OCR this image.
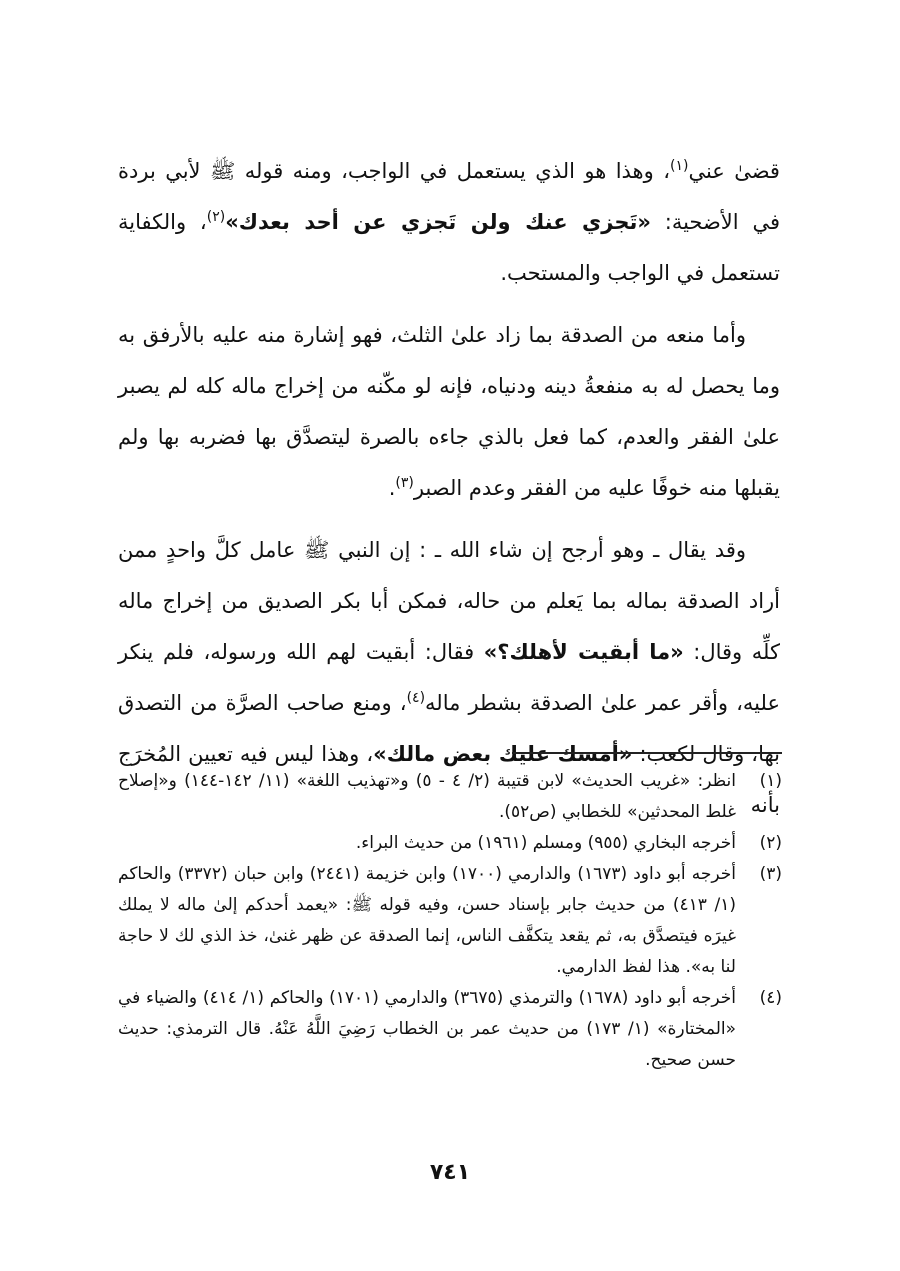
قضىٰ عني$^{(١)}$، وهذا هو الذي يستعمل في الواجب، ومنه قوله ﷺ لأبي بردة في الأضحية: «تَجزي عنك ولن تَجزي عن أحد بعدك»$^{(٢)}$، والكفاية تستعمل في الواجب والمستحب.

وأما منعه من الصدقة بما زاد علىٰ الثلث، فهو إشارة منه عليه بالأرفق به وما يحصل له به منفعةُ دينه ودنياه، فإنه لو مكّنه من إخراج ماله كله لم يصبر علىٰ الفقر والعدم، كما فعل بالذي جاءه بالصرة ليتصدَّق بها فضربه بها ولم يقبلها منه خوفًا عليه من الفقر وعدم الصبر$^{(٣)}$.

وقد يقال ـ وهو أرجح إن شاء الله ـ : إن النبي ﷺ عامل كلَّ واحدٍ ممن أراد الصدقة بماله بما يَعلم من حاله، فمكن أبا بكر الصديق من إخراج ماله كلِّه وقال: «ما أبقيت لأهلك؟» فقال: أبقيت لهم الله ورسوله، فلم ينكر عليه، وأقر عمر علىٰ الصدقة بشطر ماله$^{(٤)}$، ومنع صاحب الصرَّة من التصدق بها، وقال لكعب: «أمسك عليك بعض مالك»، وهذا ليس فيه تعيين المُخرَج بأنه

(١)
انظر: «غريب الحديث» لابن قتيبة (٢/ ٤ - ٥) و«تهذيب اللغة» (١١/ ١٤٢-١٤٤) و«إصلاح غلط المحدثين» للخطابي (ص٥٢).
(٢)
أخرجه البخاري (٩٥٥) ومسلم (١٩٦١) من حديث البراء.
(٣)
أخرجه أبو داود (١٦٧٣) والدارمي (١٧٠٠) وابن خزيمة (٢٤٤١) وابن حبان (٣٣٧٢) والحاكم (١/ ٤١٣) من حديث جابر بإسناد حسن، وفيه قوله ﷺ: «يعمد أحدكم إلىٰ ماله لا يملك غيرَه فيتصدَّق به، ثم يقعد يتكفَّف الناس، إنما الصدقة عن ظهر غنىٰ، خذ الذي لك لا حاجة لنا به». هذا لفظ الدارمي.
(٤)
أخرجه أبو داود (١٦٧٨) والترمذي (٣٦٧٥) والدارمي (١٧٠١) والحاكم (١/ ٤١٤) والضياء في «المختارة» (١/ ١٧٣) من حديث عمر بن الخطاب رَضِيَ اللَّهُ عَنْهُ. قال الترمذي: حديث حسن صحيح.
٧٤١
